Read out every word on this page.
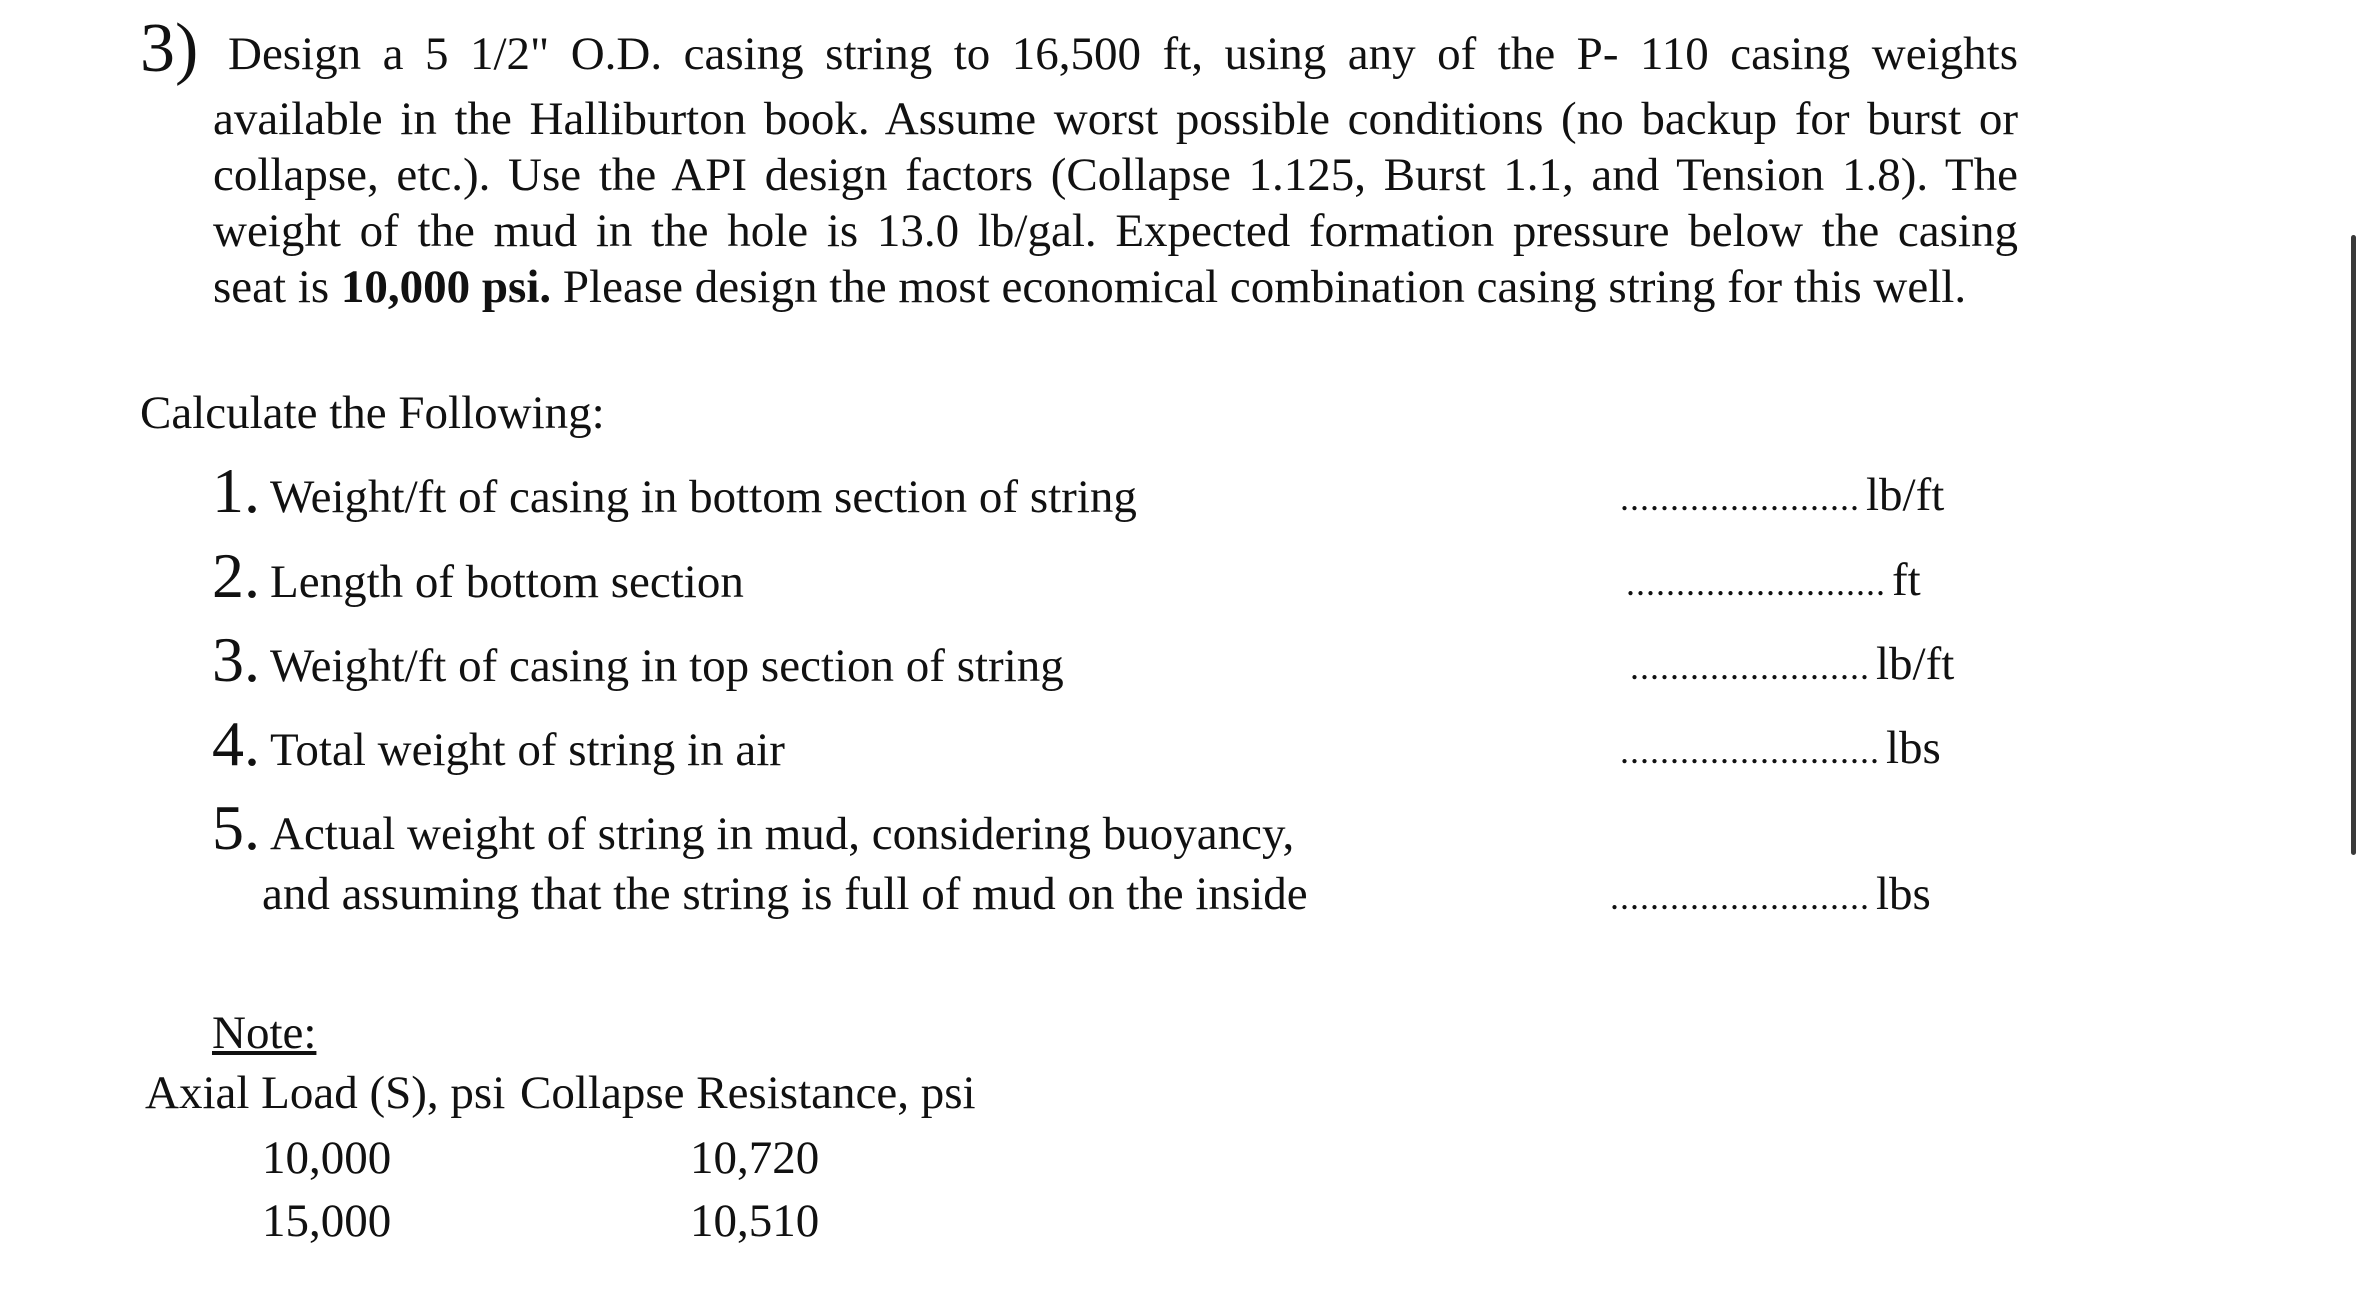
3) Design a 5 1/2" O.D. casing string to 16,500 ft, using any of the P- 110 casing weights
available in the Halliburton book. Assume worst possible conditions (no backup for burst or
collapse, etc.). Use the API design factors (Collapse 1.125, Burst 1.1, and Tension 1.8). The
weight of the mud in the hole is 13.0 lb/gal. Expected formation pressure below the casing
seat is 10,000 psi. Please design the most economical combination casing string for this well.
Calculate the Following:
1. Weight/ft of casing in bottom section of string	........................ lb/ft
2. Length of bottom section	.......................... ft
3. Weight/ft of casing in top section of string	........................ lb/ft
4. Total weight of string in air	.......................... lbs
5. Actual weight of string in mud, considering buoyancy,
and assuming that the string is full of mud on the inside	.......................... lbs
Note:
Axial Load (S), psi Collapse Resistance, psi
10,000	10,720
15,000	10,510
